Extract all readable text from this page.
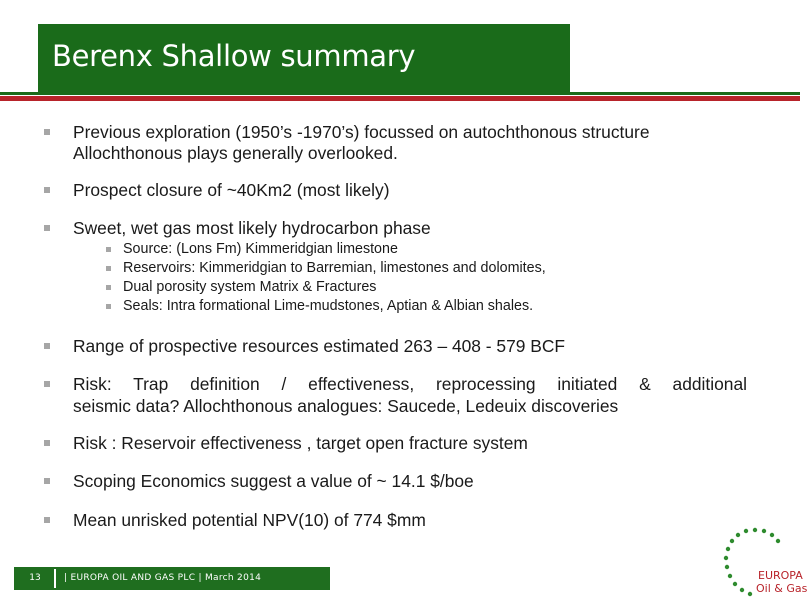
Berenx Shallow summary
Previous exploration (1950’s -1970’s) focussed on autochthonous structure
Allochthonous plays generally overlooked.
Prospect closure of ~40Km2 (most likely)
Sweet, wet gas most likely hydrocarbon phase
Source: (Lons Fm) Kimmeridgian limestone
Reservoirs: Kimmeridgian to Barremian, limestones and dolomites,
Dual porosity system Matrix & Fractures
Seals: Intra formational Lime-mudstones, Aptian & Albian shales.
Range of prospective resources estimated 263 – 408 - 579 BCF
Risk: Trap definition / effectiveness, reprocessing initiated & additional
seismic data? Allochthonous analogues: Saucede, Ledeuix discoveries
Risk : Reservoir effectiveness , target open fracture system
Scoping Economics suggest a value of ~ 14.1 $/boe
Mean unrisked potential NPV(10) of 774 $mm
13	| EUROPA OIL AND GAS PLC | March 2014	EUROPA
Oil & Gas
